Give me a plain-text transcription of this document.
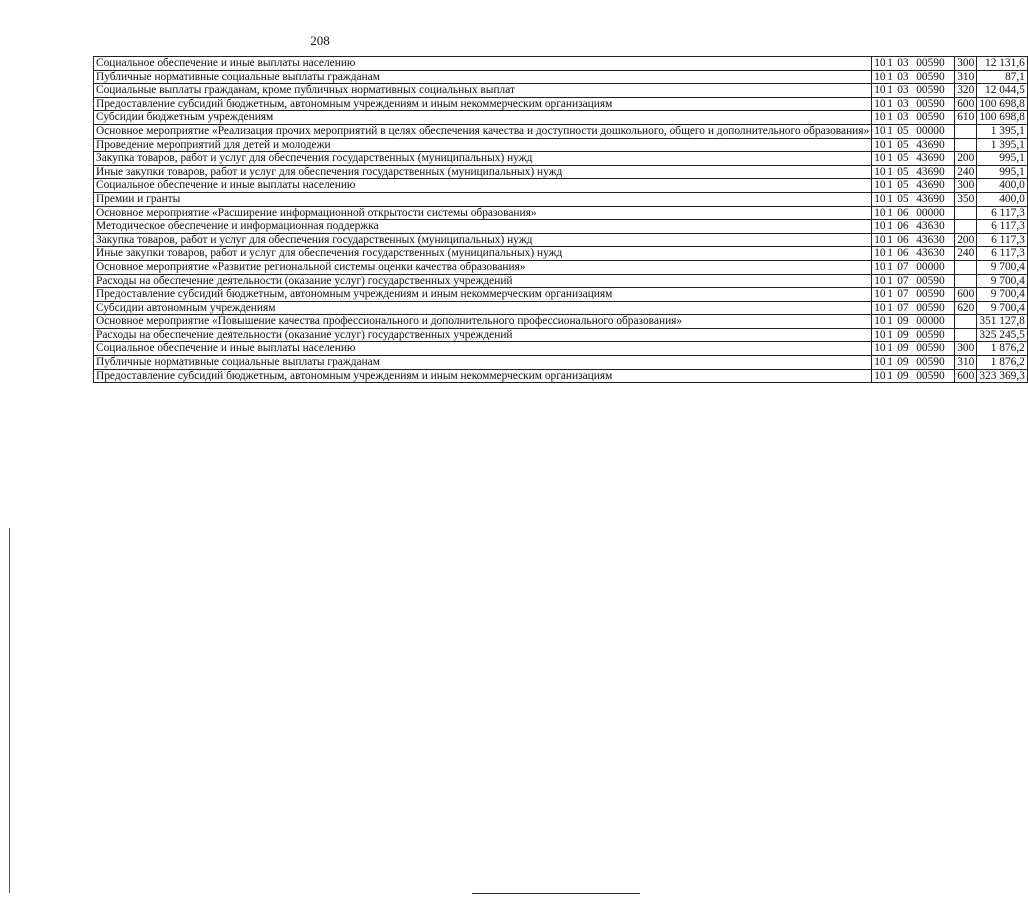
208
Социальное обеспечение и иные выплаты населению	10 1 03 00590	300	12 131,6
Публичные нормативные социальные выплаты гражданам	10 1 03 00590	310	87,1
Социальные выплаты гражданам, кроме публичных нормативных социальных выплат	10 1 03 00590	320	12 044,5
Предоставление субсидий бюджетным, автономным учреждениям и иным некоммерческим организациям	10 1 03 00590	600	100 698,8
Субсидии бюджетным учреждениям	10 1 03 00590	610	100 698,8
Основное мероприятие «Реализация прочих мероприятий в целях обеспечения качества и доступности дошкольного, общего и дополнительного образования»	10 1 05 00000		1 395,1
Проведение мероприятий для детей и молодежи	10 1 05 43690		1 395,1
Закупка товаров, работ и услуг для обеспечения государственных (муниципальных) нужд	10 1 05 43690	200	995,1
Иные закупки товаров, работ и услуг для обеспечения государственных (муниципальных) нужд	10 1 05 43690	240	995,1
Социальное обеспечение и иные выплаты населению	10 1 05 43690	300	400,0
Премии и гранты	10 1 05 43690	350	400,0
Основное мероприятие «Расширение информационной открытости системы образования»	10 1 06 00000		6 117,3
Методическое обеспечение и информационная поддержка	10 1 06 43630		6 117,3
Закупка товаров, работ и услуг для обеспечения государственных (муниципальных) нужд	10 1 06 43630	200	6 117,3
Иные закупки товаров, работ и услуг для обеспечения государственных (муниципальных) нужд	10 1 06 43630	240	6 117,3
Основное мероприятие «Развитие региональной системы оценки качества образования»	10 1 07 00000		9 700,4
Расходы на обеспечение деятельности (оказание услуг) государственных учреждений	10 1 07 00590		9 700,4
Предоставление субсидий бюджетным, автономным учреждениям и иным некоммерческим организациям	10 1 07 00590	600	9 700,4
Субсидии автономным учреждениям	10 1 07 00590	620	9 700,4
Основное мероприятие «Повышение качества профессионального и дополнительного профессионального образования»	10 1 09 00000		351 127,8
Расходы на обеспечение деятельности (оказание услуг) государственных учреждений	10 1 09 00590		325 245,5
Социальное обеспечение и иные выплаты населению	10 1 09 00590	300	1 876,2
Публичные нормативные социальные выплаты гражданам	10 1 09 00590	310	1 876,2
Предоставление субсидий бюджетным, автономным учреждениям и иным некоммерческим организациям	10 1 09 00590	600	323 369,3
